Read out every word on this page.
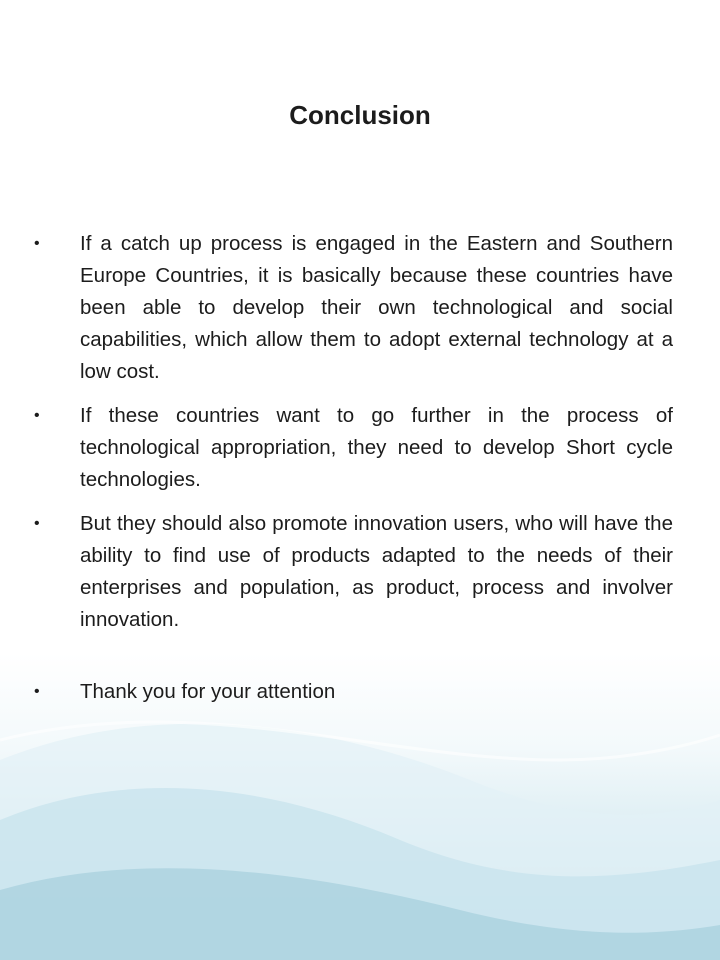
Conclusion
• If a catch up process is engaged in the Eastern and Southern Europe Countries, it is basically because these countries have been able to develop their own technological and social capabilities, which allow them to adopt external technology at a low cost.
• If these countries want to go further in the process of technological appropriation, they need to develop Short cycle technologies.
• But they should also promote innovation users, who will have the ability to find use of products adapted to the needs of their enterprises and population, as product, process and involver innovation.
• Thank you for your attention
